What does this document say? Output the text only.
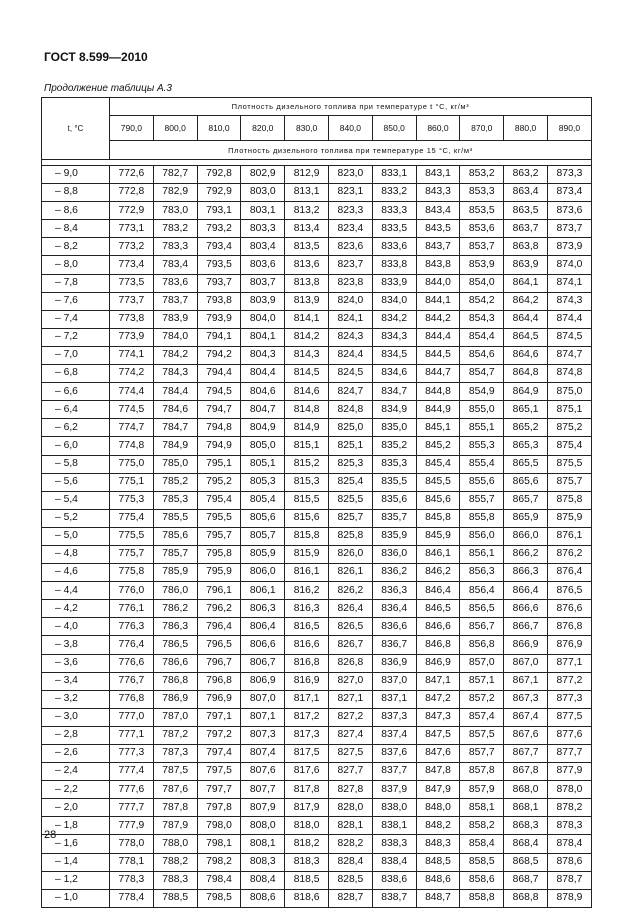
ГОСТ 8.599—2010
Продолжение таблицы А.3
t, °C	Плотность дизельного топлива при температуре t °C, кг/м³										
	790,0	800,0	810,0	820,0	830,0	840,0	850,0	860,0	870,0	880,0	890,0
	Плотность дизельного топлива при температуре 15 °C, кг/м³										

– 9,0	772,6	782,7	792,8	802,9	812,9	823,0	833,1	843,1	853,2	863,2	873,3
– 8,8	772,8	782,9	792,9	803,0	813,1	823,1	833,2	843,3	853,3	863,4	873,4
– 8,6	772,9	783,0	793,1	803,1	813,2	823,3	833,3	843,4	853,5	863,5	873,6
– 8,4	773,1	783,2	793,2	803,3	813,4	823,4	833,5	843,5	853,6	863,7	873,7
– 8,2	773,2	783,3	793,4	803,4	813,5	823,6	833,6	843,7	853,7	863,8	873,9
– 8,0	773,4	783,4	793,5	803,6	813,6	823,7	833,8	843,8	853,9	863,9	874,0
– 7,8	773,5	783,6	793,7	803,7	813,8	823,8	833,9	844,0	854,0	864,1	874,1
– 7,6	773,7	783,7	793,8	803,9	813,9	824,0	834,0	844,1	854,2	864,2	874,3
– 7,4	773,8	783,9	793,9	804,0	814,1	824,1	834,2	844,2	854,3	864,4	874,4
– 7,2	773,9	784,0	794,1	804,1	814,2	824,3	834,3	844,4	854,4	864,5	874,5
– 7,0	774,1	784,2	794,2	804,3	814,3	824,4	834,5	844,5	854,6	864,6	874,7
– 6,8	774,2	784,3	794,4	804,4	814,5	824,5	834,6	844,7	854,7	864,8	874,8
– 6,6	774,4	784,4	794,5	804,6	814,6	824,7	834,7	844,8	854,9	864,9	875,0
– 6,4	774,5	784,6	794,7	804,7	814,8	824,8	834,9	844,9	855,0	865,1	875,1
– 6,2	774,7	784,7	794,8	804,9	814,9	825,0	835,0	845,1	855,1	865,2	875,2
– 6,0	774,8	784,9	794,9	805,0	815,1	825,1	835,2	845,2	855,3	865,3	875,4
– 5,8	775,0	785,0	795,1	805,1	815,2	825,3	835,3	845,4	855,4	865,5	875,5
– 5,6	775,1	785,2	795,2	805,3	815,3	825,4	835,5	845,5	855,6	865,6	875,7
– 5,4	775,3	785,3	795,4	805,4	815,5	825,5	835,6	845,6	855,7	865,7	875,8
– 5,2	775,4	785,5	795,5	805,6	815,6	825,7	835,7	845,8	855,8	865,9	875,9
– 5,0	775,5	785,6	795,7	805,7	815,8	825,8	835,9	845,9	856,0	866,0	876,1
– 4,8	775,7	785,7	795,8	805,9	815,9	826,0	836,0	846,1	856,1	866,2	876,2
– 4,6	775,8	785,9	795,9	806,0	816,1	826,1	836,2	846,2	856,3	866,3	876,4
– 4,4	776,0	786,0	796,1	806,1	816,2	826,2	836,3	846,4	856,4	866,4	876,5
– 4,2	776,1	786,2	796,2	806,3	816,3	826,4	836,4	846,5	856,5	866,6	876,6
– 4,0	776,3	786,3	796,4	806,4	816,5	826,5	836,6	846,6	856,7	866,7	876,8
– 3,8	776,4	786,5	796,5	806,6	816,6	826,7	836,7	846,8	856,8	866,9	876,9
– 3,6	776,6	786,6	796,7	806,7	816,8	826,8	836,9	846,9	857,0	867,0	877,1
– 3,4	776,7	786,8	796,8	806,9	816,9	827,0	837,0	847,1	857,1	867,1	877,2
– 3,2	776,8	786,9	796,9	807,0	817,1	827,1	837,1	847,2	857,2	867,3	877,3
– 3,0	777,0	787,0	797,1	807,1	817,2	827,2	837,3	847,3	857,4	867,4	877,5
– 2,8	777,1	787,2	797,2	807,3	817,3	827,4	837,4	847,5	857,5	867,6	877,6
– 2,6	777,3	787,3	797,4	807,4	817,5	827,5	837,6	847,6	857,7	867,7	877,7
– 2,4	777,4	787,5	797,5	807,6	817,6	827,7	837,7	847,8	857,8	867,8	877,9
– 2,2	777,6	787,6	797,7	807,7	817,8	827,8	837,9	847,9	857,9	868,0	878,0
– 2,0	777,7	787,8	797,8	807,9	817,9	828,0	838,0	848,0	858,1	868,1	878,2
– 1,8	777,9	787,9	798,0	808,0	818,0	828,1	838,1	848,2	858,2	868,3	878,3
– 1,6	778,0	788,0	798,1	808,1	818,2	828,2	838,3	848,3	858,4	868,4	878,4
– 1,4	778,1	788,2	798,2	808,3	818,3	828,4	838,4	848,5	858,5	868,5	878,6
– 1,2	778,3	788,3	798,4	808,4	818,5	828,5	838,6	848,6	858,6	868,7	878,7
– 1,0	778,4	788,5	798,5	808,6	818,6	828,7	838,7	848,7	858,8	868,8	878,9
28
